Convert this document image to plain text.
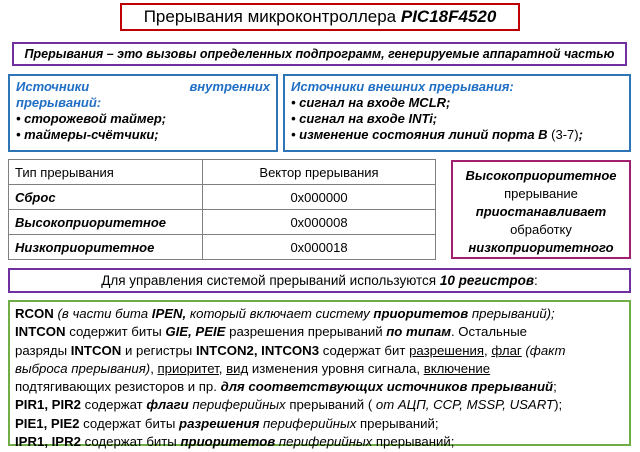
Прерывания микроконтроллера PIC18F4520
Прерывания – это вызовы определенных подпрограмм, генерируемые аппаратной частью
Источники	внутренних
прерываний:
• сторожевой таймер;
• таймеры-счётчики;
Источники внешних прерывания:
• сигнал на входе MCLR;
• сигнал на входе INTi;
• изменение состояния линий порта B (3-7);
Тип прерывания	Вектор прерывания
Сброс	0x000000
Высокоприоритетное	0x000008
Низкоприоритетное	0x000018
Высокоприоритетное
прерывание
приостанавливает
обработку
низкоприоритетного
Для управления системой прерываний используются 10 регистров:

RCON (в части бита IPEN, который включает систему приоритетов прерываний);

INTCON содержит биты GIE, PEIE разрешения прерываний по типам. Остальные

разряды INTCON и регистры INTCON2, INTCON3 содержат бит разрешения, флаг (факт

выброса прерывания), приоритет, вид изменения уровня сигнала, включение

подтягивающих резисторов и пр. для соответствующих источников прерываний;

PIR1, PIR2 содержат флаги периферийных прерываний ( от АЦП, CCP, MSSP, USART);

PIE1, PIE2 содержат биты разрешения периферийных прерываний;

IPR1, IPR2 содержат биты приоритетов периферийных прерываний;
